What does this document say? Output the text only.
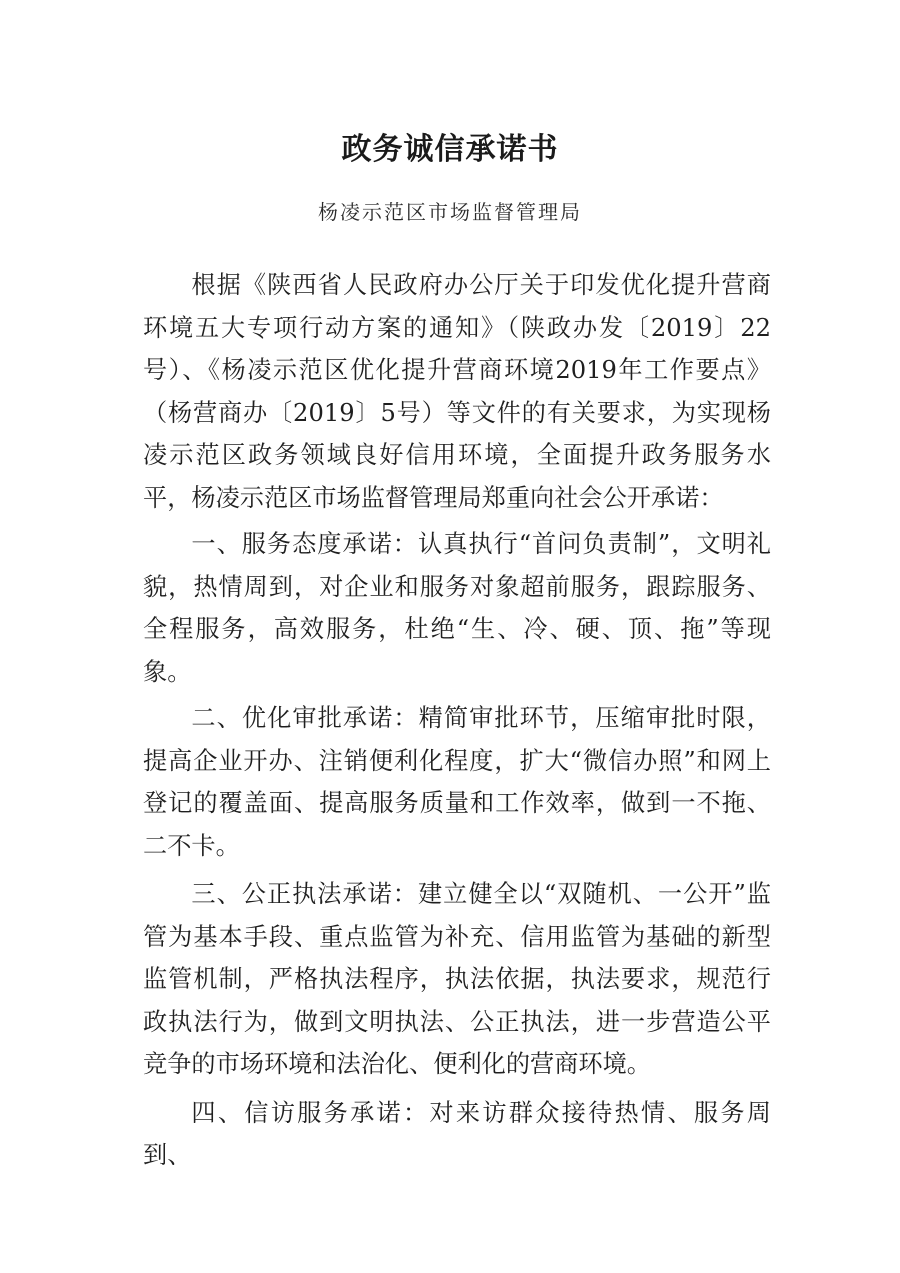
政务诚信承诺书
杨凌示范区市场监督管理局

根据《陕西省人民政府办公厅关于印发优化提升营商环境五大专项行动方案的通知》（陕政办发〔2019〕22号）、《杨凌示范区优化提升营商环境2019年工作要点》（杨营商办〔2019〕5号）等文件的有关要求，为实现杨凌示范区政务领域良好信用环境，全面提升政务服务水平，杨凌示范区市场监督管理局郑重向社会公开承诺：

一、服务态度承诺：认真执行“首问负责制”，文明礼貌，热情周到，对企业和服务对象超前服务，跟踪服务、全程服务，高效服务，杜绝“生、冷、硬、顶、拖”等现象。

二、优化审批承诺：精简审批环节，压缩审批时限，提高企业开办、注销便利化程度，扩大“微信办照”和网上登记的覆盖面、提高服务质量和工作效率，做到一不拖、二不卡。

三、公正执法承诺：建立健全以“双随机、一公开”监管为基本手段、重点监管为补充、信用监管为基础的新型监管机制，严格执法程序，执法依据，执法要求，规范行政执法行为，做到文明执法、公正执法，进一步营造公平竞争的市场环境和法治化、便利化的营商环境。

四、信访服务承诺：对来访群众接待热情、服务周到、
